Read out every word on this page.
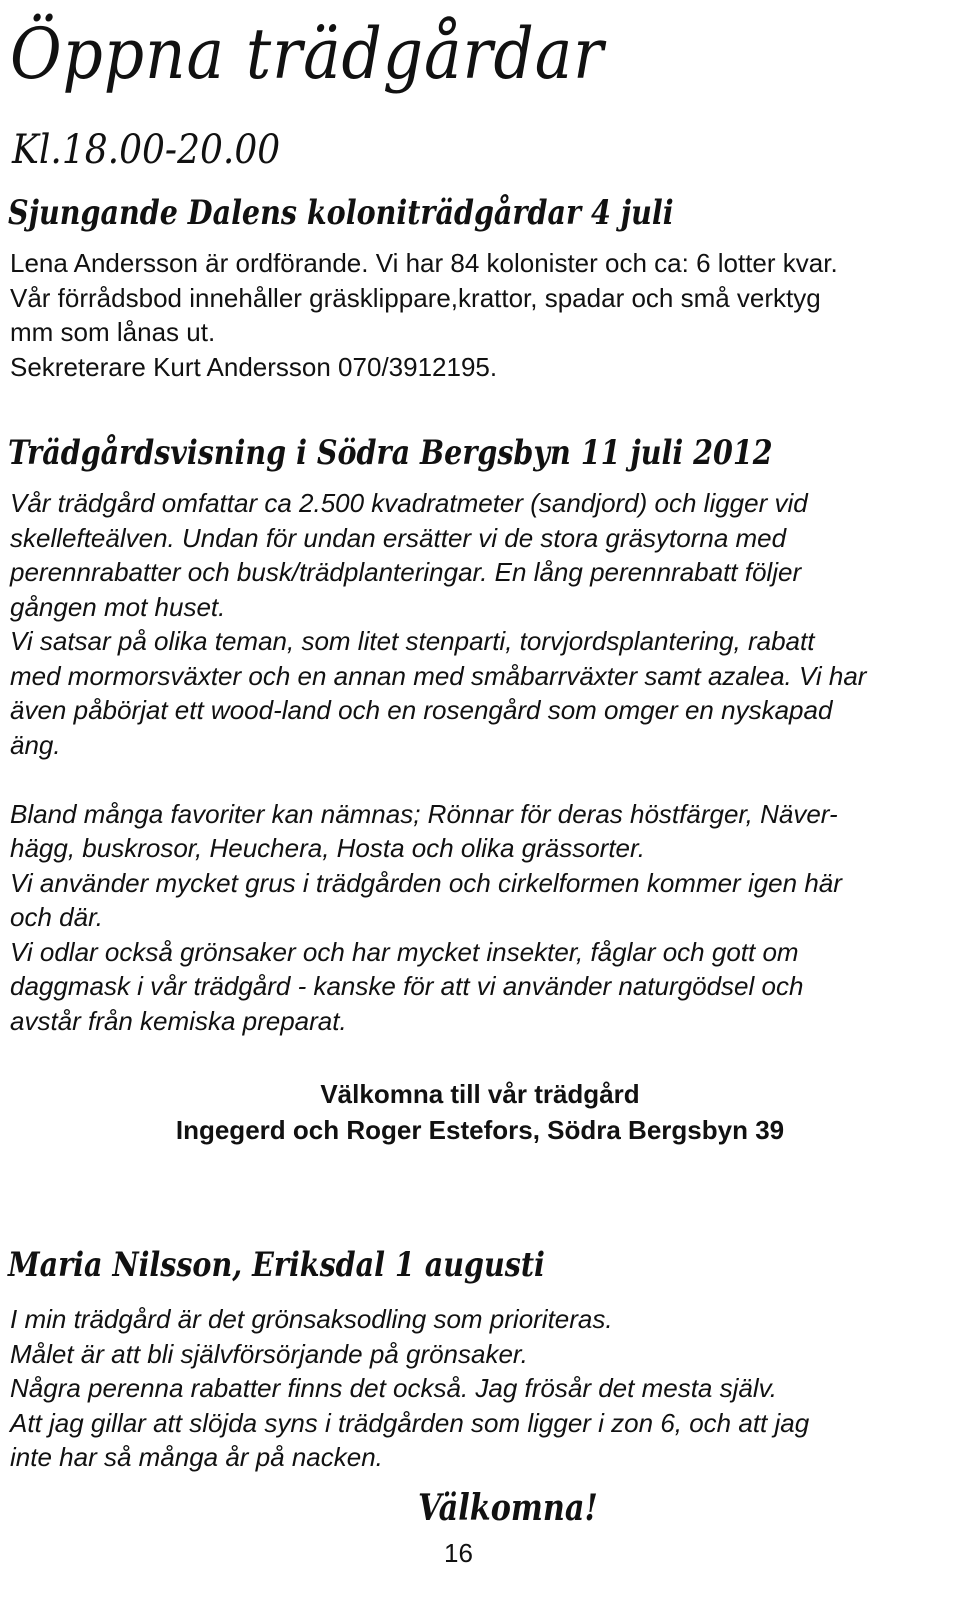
Öppna trädgårdar
Kl.18.00-20.00
Sjungande Dalens koloniträdgårdar 4 juli

Lena Andersson är ordförande. Vi har 84 kolonister och ca: 6 lotter kvar.

Vår förrådsbod innehåller gräsklippare,krattor, spadar och små verktyg

mm som lånas ut.

Sekreterare Kurt Andersson 070/3912195.

Trädgårdsvisning i Södra Bergsbyn 11 juli 2012

Vår trädgård omfattar ca 2.500 kvadratmeter (sandjord) och ligger vid

skellefteälven. Undan för undan ersätter vi de stora gräsytorna med

perennrabatter och busk/trädplanteringar. En lång perennrabatt följer

gången mot huset.

Vi satsar på olika teman, som litet stenparti, torvjordsplantering, rabatt

med mormorsväxter och en annan med småbarrväxter samt azalea. Vi har

även påbörjat ett wood-land och en rosengård som omger en nyskapad

äng.

Bland många favoriter kan nämnas; Rönnar för deras höstfärger, Näver-

hägg, buskrosor, Heuchera, Hosta och olika grässorter.

Vi använder mycket grus i trädgården och cirkelformen kommer igen här

och där.

Vi odlar också grönsaker och har mycket insekter, fåglar och gott om

daggmask i vår trädgård - kanske för att vi använder naturgödsel och

avstår från kemiska preparat.

Välkomna till vår trädgård
Ingegerd och Roger Estefors, Södra Bergsbyn 39
Maria Nilsson, Eriksdal 1 augusti

I min trädgård är det grönsaksodling som prioriteras.

Målet är att bli självförsörjande på grönsaker.

Några perenna rabatter finns det också. Jag frösår det mesta själv.

Att jag gillar att slöjda syns i trädgården som ligger i zon 6, och att jag

inte har så många år på nacken.

Välkomna!
16
